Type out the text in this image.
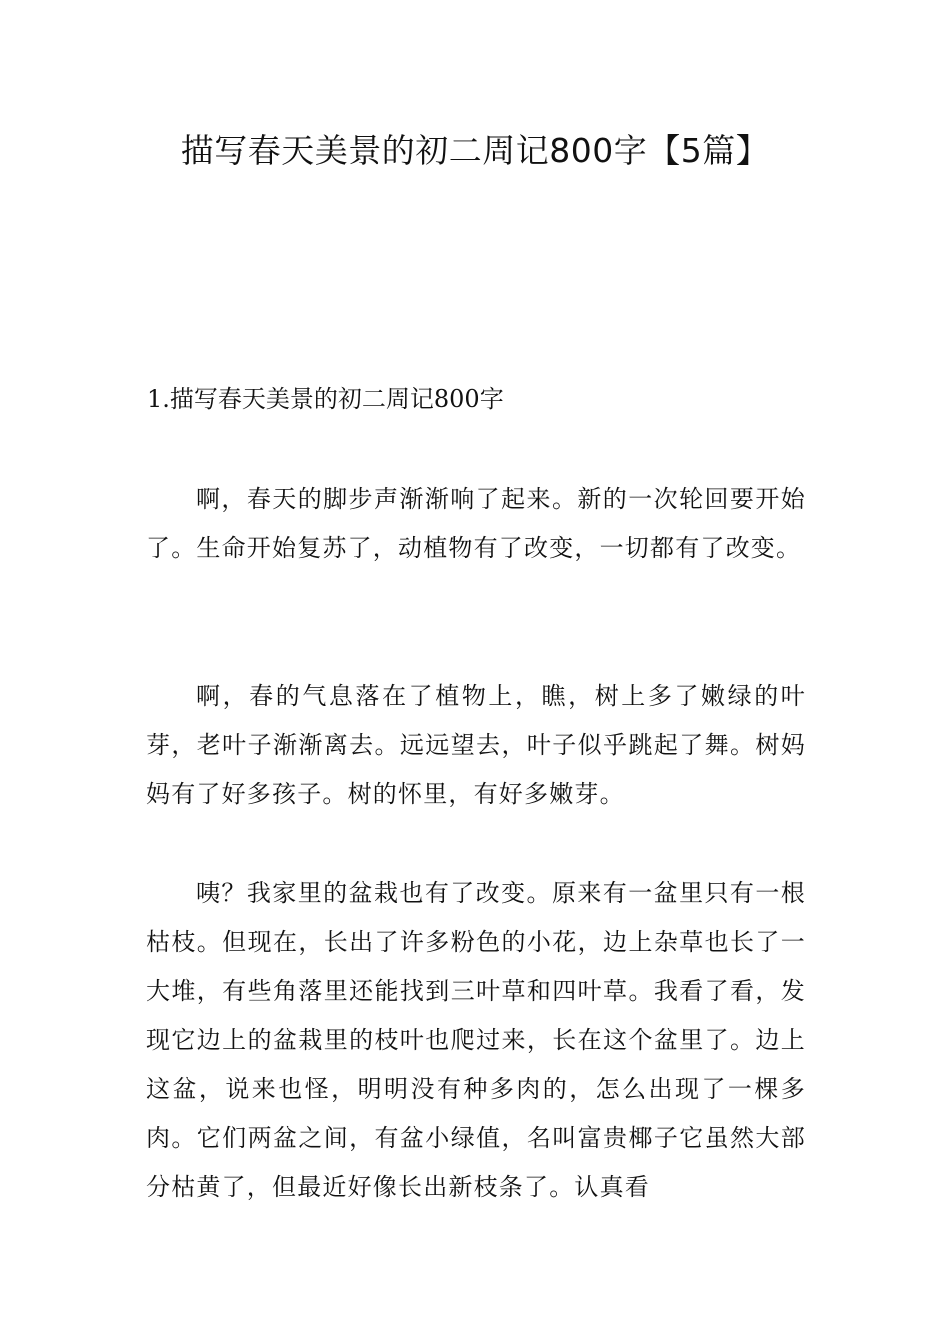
描写春天美景的初二周记800字【5篇】
1.描写春天美景的初二周记800字

啊，春天的脚步声渐渐响了起来。新的一次轮回要开始了。生命开始复苏了，动植物有了改变，一切都有了改变。

啊，春的气息落在了植物上，瞧，树上多了嫩绿的叶芽，老叶子渐渐离去。远远望去，叶子似乎跳起了舞。树妈妈有了好多孩子。树的怀里，有好多嫩芽。

咦？我家里的盆栽也有了改变。原来有一盆里只有一根枯枝。但现在，长出了许多粉色的小花，边上杂草也长了一大堆，有些角落里还能找到三叶草和四叶草。我看了看，发现它边上的盆栽里的枝叶也爬过来，长在这个盆里了。边上这盆，说来也怪，明明没有种多肉的，怎么出现了一棵多肉。它们两盆之间，有盆小绿值，名叫富贵椰子它虽然大部分枯黄了，但最近好像长出新枝条了。认真看
